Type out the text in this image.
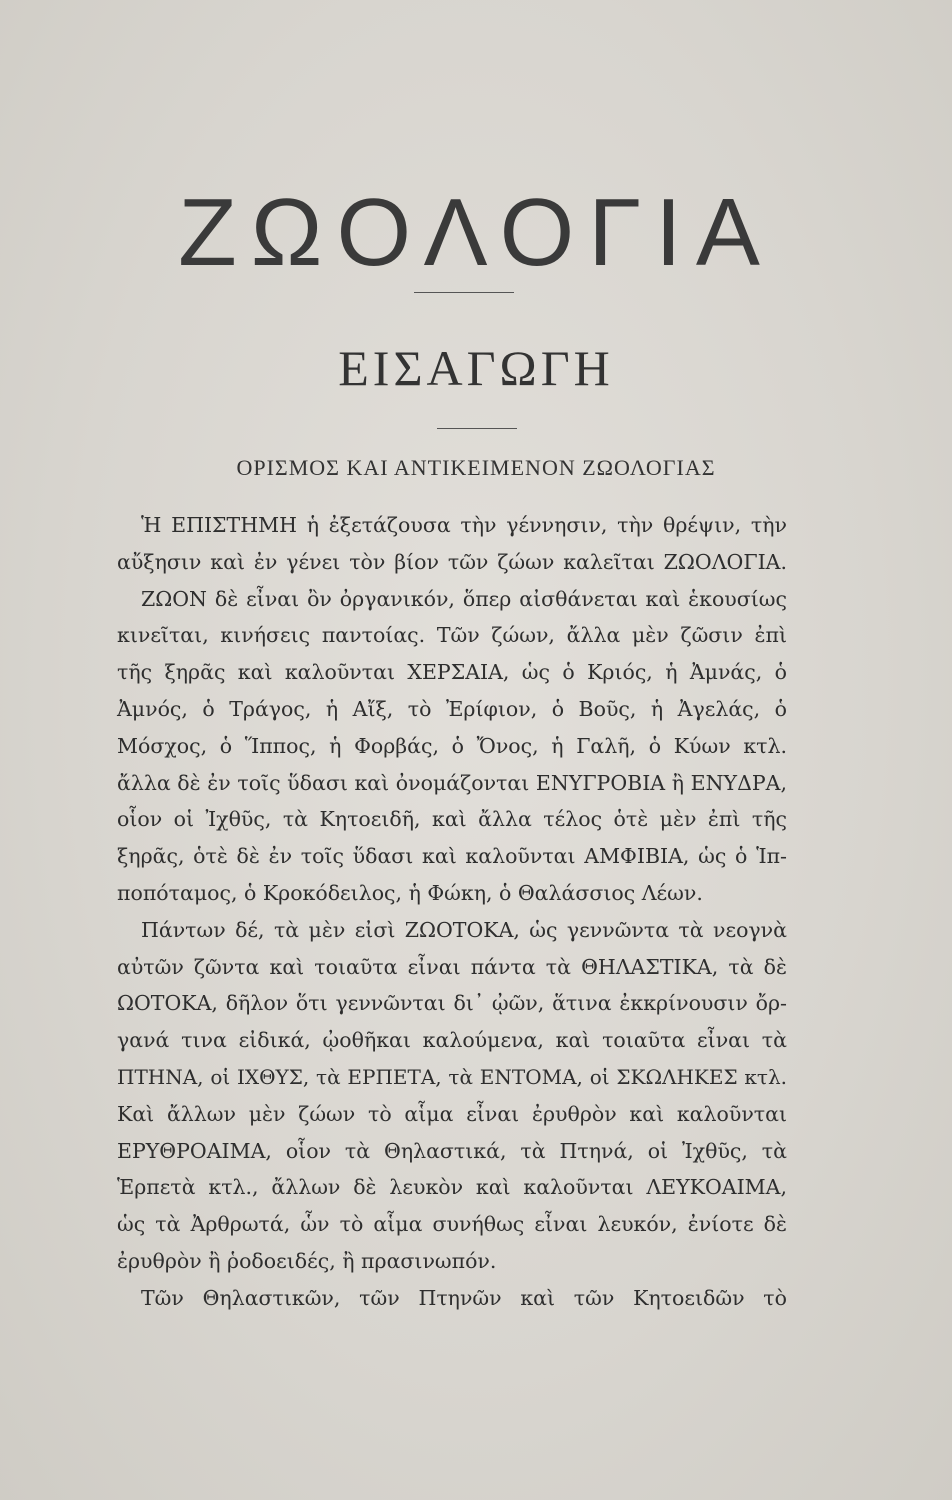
ΖΩΟΛΟΓΙΑ
ΕΙΣΑΓΩΓΗ
ΟΡΙΣΜΟΣ ΚΑΙ ΑΝΤΙΚΕΙΜΕΝΟΝ ΖΩΟΛΟΓΙΑΣ
Ἡ ΕΠΙΣΤΗΜΗ ἡ ἐξετάζουσα τὴν γέννησιν, τὴν θρέψιν, τὴν
αὔξησιν καὶ ἐν γένει τὸν βίον τῶν ζώων καλεῖται ΖΩΟΛΟΓΙΑ.
ΖΩΟΝ δὲ εἶναι ὂν ὀργανικόν, ὅπερ αἰσθάνεται καὶ ἑκουσίως
κινεῖται, κινήσεις παντοίας. Τῶν ζώων, ἄλλα μὲν ζῶσιν ἐπὶ
τῆς ξηρᾶς καὶ καλοῦνται ΧΕΡΣΑΙΑ, ὡς ὁ Κριός, ἡ Ἀμνάς, ὁ
Ἀμνός, ὁ Τράγος, ἡ Αἴξ, τὸ Ἐρίφιον, ὁ Βοῦς, ἡ Ἀγελάς, ὁ
Μόσχος, ὁ Ἵππος, ἡ Φορβάς, ὁ Ὄνος, ἡ Γαλῆ, ὁ Κύων κτλ.
ἄλλα δὲ ἐν τοῖς ὕδασι καὶ ὀνομάζονται ΕΝΥΓΡΟΒΙΑ ἢ ΕΝΥΔΡΑ,
οἷον οἱ Ἰχθῦς, τὰ Κητοειδῆ, καὶ ἄλλα τέλος ὁτὲ μὲν ἐπὶ τῆς
ξηρᾶς, ὁτὲ δὲ ἐν τοῖς ὕδασι καὶ καλοῦνται ΑΜΦΙΒΙΑ, ὡς ὁ Ἱπ-
ποπόταμος, ὁ Κροκόδειλος, ἡ Φώκη, ὁ Θαλάσσιος Λέων.
Πάντων δέ, τὰ μὲν εἰσὶ ΖΩΟΤΟΚΑ, ὡς γεννῶντα τὰ νεογνὰ
αὐτῶν ζῶντα καὶ τοιαῦτα εἶναι πάντα τὰ ΘΗΛΑΣΤΙΚΑ, τὰ δὲ
ΩΟΤΟΚΑ, δῆλον ὅτι γεννῶνται δι᾽ ᾠῶν, ἅτινα ἐκκρίνουσιν ὄρ-
γανά τινα εἰδικά, ᾠοθῆκαι καλούμενα, καὶ τοιαῦτα εἶναι τὰ
ΠΤΗΝΑ, οἱ ΙΧΘΥΣ, τὰ ΕΡΠΕΤΑ, τὰ ΕΝΤΟΜΑ, οἱ ΣΚΩΛΗΚΕΣ κτλ.
Καὶ ἄλλων μὲν ζώων τὸ αἷμα εἶναι ἐρυθρὸν καὶ καλοῦνται
ΕΡΥΘΡΟΑΙΜΑ, οἷον τὰ Θηλαστικά, τὰ Πτηνά, οἱ Ἰχθῦς, τὰ
Ἑρπετὰ κτλ., ἄλλων δὲ λευκὸν καὶ καλοῦνται ΛΕΥΚΟΑΙΜΑ,
ὡς τὰ Ἀρθρωτά, ὧν τὸ αἷμα συνήθως εἶναι λευκόν, ἐνίοτε δὲ
ἐρυθρὸν ἢ ῥοδοειδές, ἢ πρασινωπόν.
Τῶν Θηλαστικῶν, τῶν Πτηνῶν καὶ τῶν Κητοειδῶν τὸ
